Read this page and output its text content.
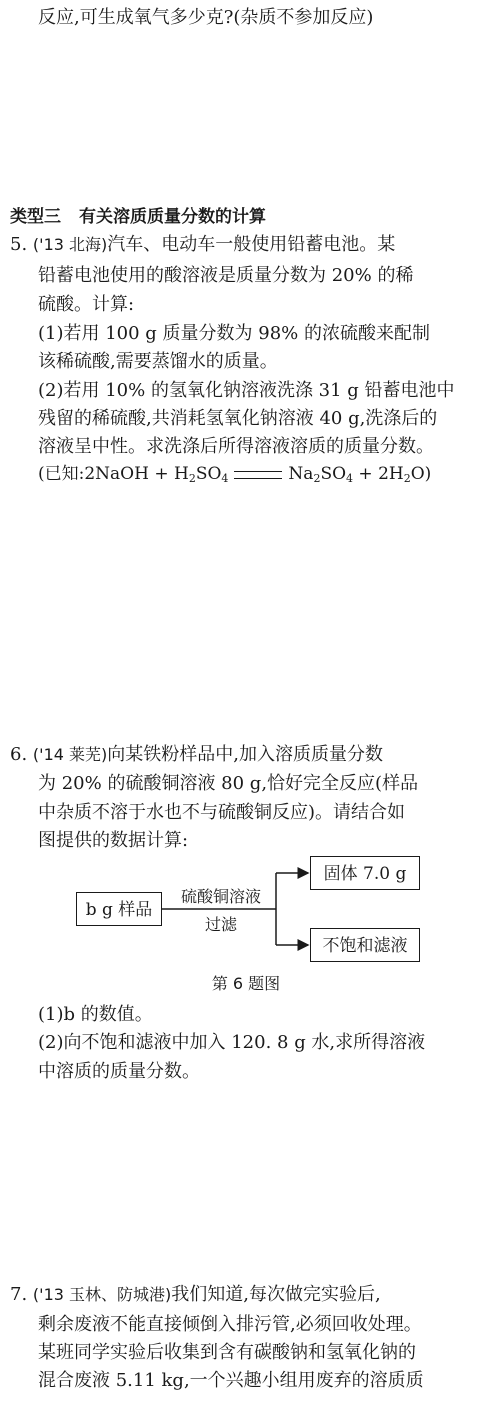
反应,可生成氧气多少克?(杂质不参加反应)
类型三 有关溶质质量分数的计算
5. ('13 北海)汽车、电动车一般使用铅蓄电池。某
铅蓄电池使用的酸溶液是质量分数为 20% 的稀
硫酸。计算:
(1)若用 100 g 质量分数为 98% 的浓硫酸来配制
该稀硫酸,需要蒸馏水的质量。
(2)若用 10% 的氢氧化钠溶液洗涤 31 g 铅蓄电池中
残留的稀硫酸,共消耗氢氧化钠溶液 40 g,洗涤后的
溶液呈中性。求洗涤后所得溶液溶质的质量分数。
(已知:2NaOH + $H_2SO_4$	$Na_2SO_4 + 2H_2O$)
6. ('14 莱芜)向某铁粉样品中,加入溶质质量分数
为 20% 的硫酸铜溶液 80 g,恰好完全反应(样品
中杂质不溶于水也不与硫酸铜反应)。请结合如
图提供的数据计算:
b g 样品
固体 7.0 g
不饱和滤液
硫酸铜溶液
过滤
第 6 题图
(1)b 的数值。
(2)向不饱和滤液中加入 120. 8 g 水,求所得溶液
中溶质的质量分数。
7. ('13 玉林、防城港)我们知道,每次做完实验后,
剩余废液不能直接倾倒入排污管,必须回收处理。
某班同学实验后收集到含有碳酸钠和氢氧化钠的
混合废液 5.11 kg,一个兴趣小组用废弃的溶质质
